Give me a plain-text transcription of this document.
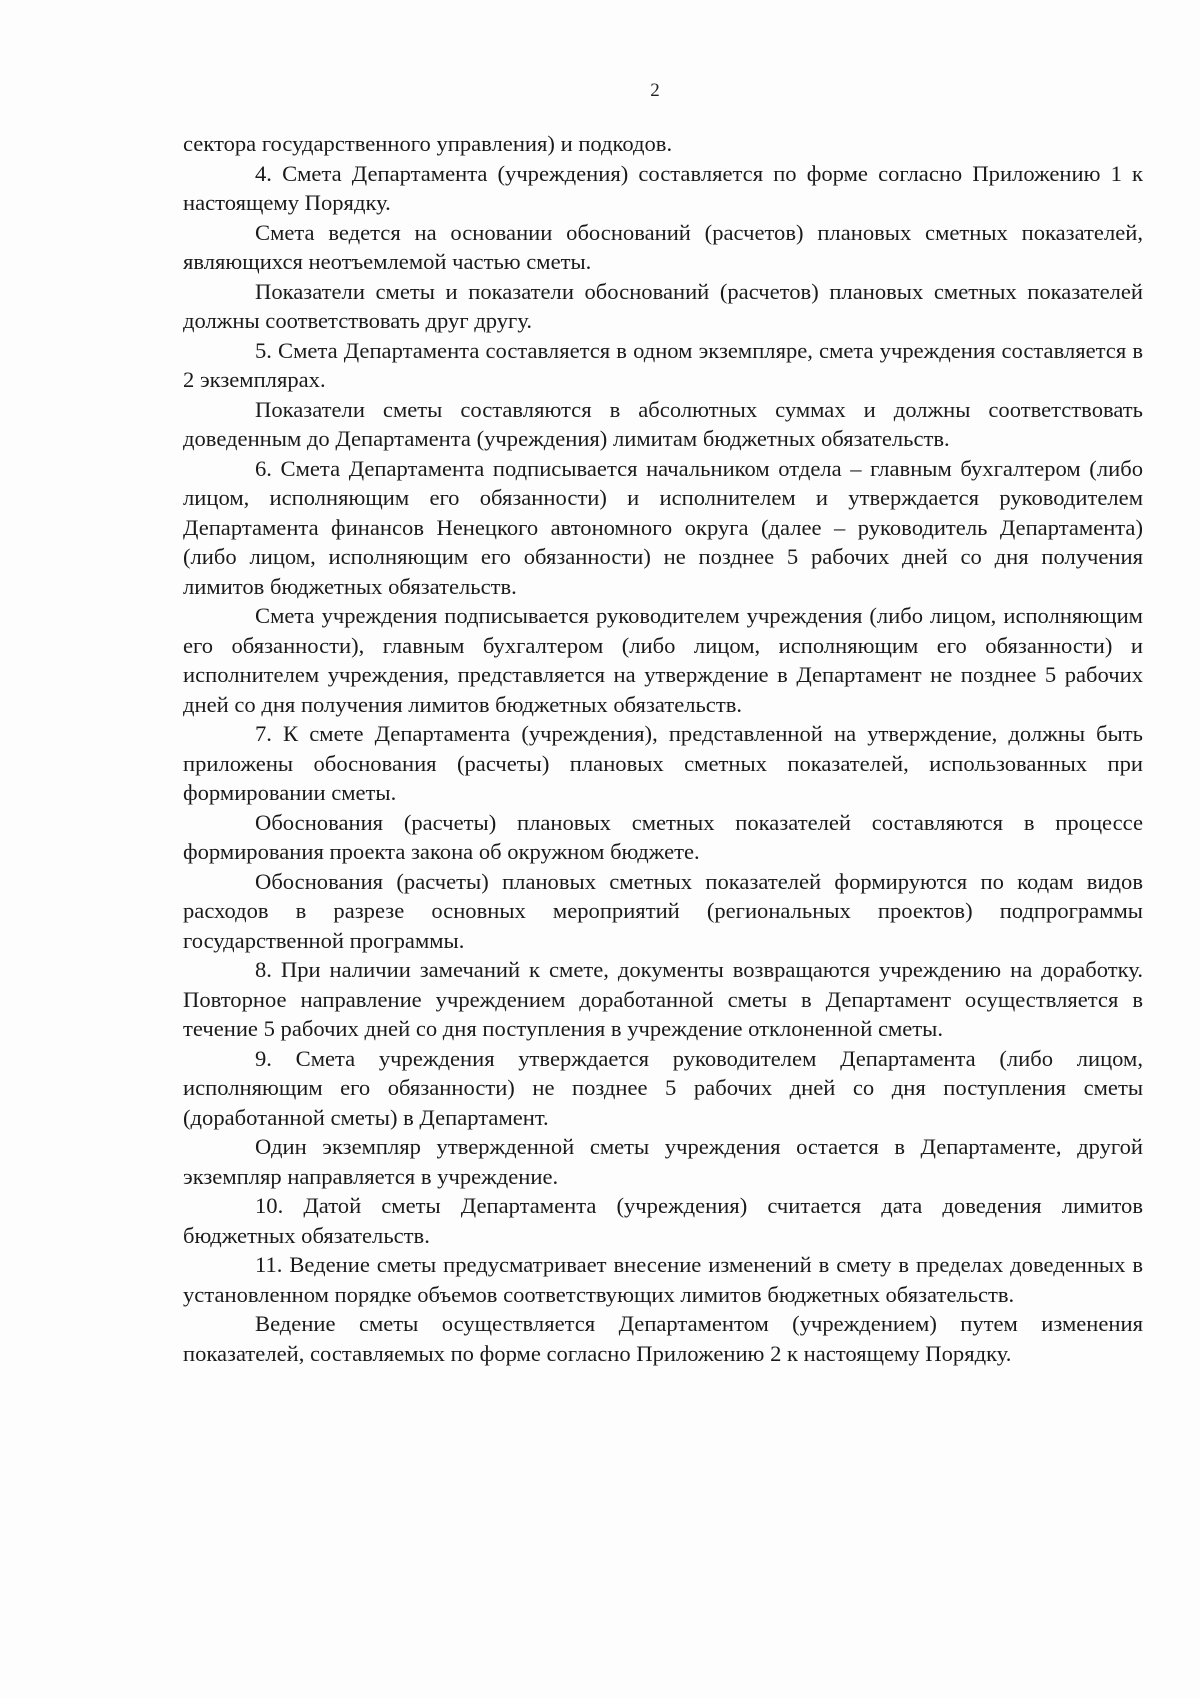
2

сектора государственного управления) и подкодов.

4. Смета Департамента (учреждения) составляется по форме согласно Приложению 1 к настоящему Порядку.

Смета ведется на основании обоснований (расчетов) плановых сметных показателей, являющихся неотъемлемой частью сметы.

Показатели сметы и показатели обоснований (расчетов) плановых сметных показателей должны соответствовать друг другу.

5. Смета Департамента составляется в одном экземпляре, смета учреждения составляется в 2 экземплярах.

Показатели сметы составляются в абсолютных суммах и должны соответствовать доведенным до Департамента (учреждения) лимитам бюджетных обязательств.

6. Смета Департамента подписывается начальником отдела – главным бухгалтером (либо лицом, исполняющим его обязанности) и исполнителем и утверждается руководителем Департамента финансов Ненецкого автономного округа (далее – руководитель Департамента) (либо лицом, исполняющим его обязанности) не позднее 5 рабочих дней со дня получения лимитов бюджетных обязательств.

Смета учреждения подписывается руководителем учреждения (либо лицом, исполняющим его обязанности), главным бухгалтером (либо лицом, исполняющим его обязанности) и исполнителем учреждения, представляется на утверждение в Департамент не позднее 5 рабочих дней со дня получения лимитов бюджетных обязательств.

7. К смете Департамента (учреждения), представленной на утверждение, должны быть приложены обоснования (расчеты) плановых сметных показателей, использованных при формировании сметы.

Обоснования (расчеты) плановых сметных показателей составляются в процессе формирования проекта закона об окружном бюджете.

Обоснования (расчеты) плановых сметных показателей формируются по кодам видов расходов в разрезе основных мероприятий (региональных проектов) подпрограммы государственной программы.

8. При наличии замечаний к смете, документы возвращаются учреждению на доработку. Повторное направление учреждением доработанной сметы в Департамент осуществляется в течение 5 рабочих дней со дня поступления в учреждение отклоненной сметы.

9. Смета учреждения утверждается руководителем Департамента (либо лицом, исполняющим его обязанности) не позднее 5 рабочих дней со дня поступления сметы (доработанной сметы) в Департамент.

Один экземпляр утвержденной сметы учреждения остается в Департаменте, другой экземпляр направляется в учреждение.

10. Датой сметы Департамента (учреждения) считается дата доведения лимитов бюджетных обязательств.

11. Ведение сметы предусматривает внесение изменений в смету в пределах доведенных в установленном порядке объемов соответствующих лимитов бюджетных обязательств.

Ведение сметы осуществляется Департаментом (учреждением) путем изменения показателей, составляемых по форме согласно Приложению 2 к настоящему Порядку.
